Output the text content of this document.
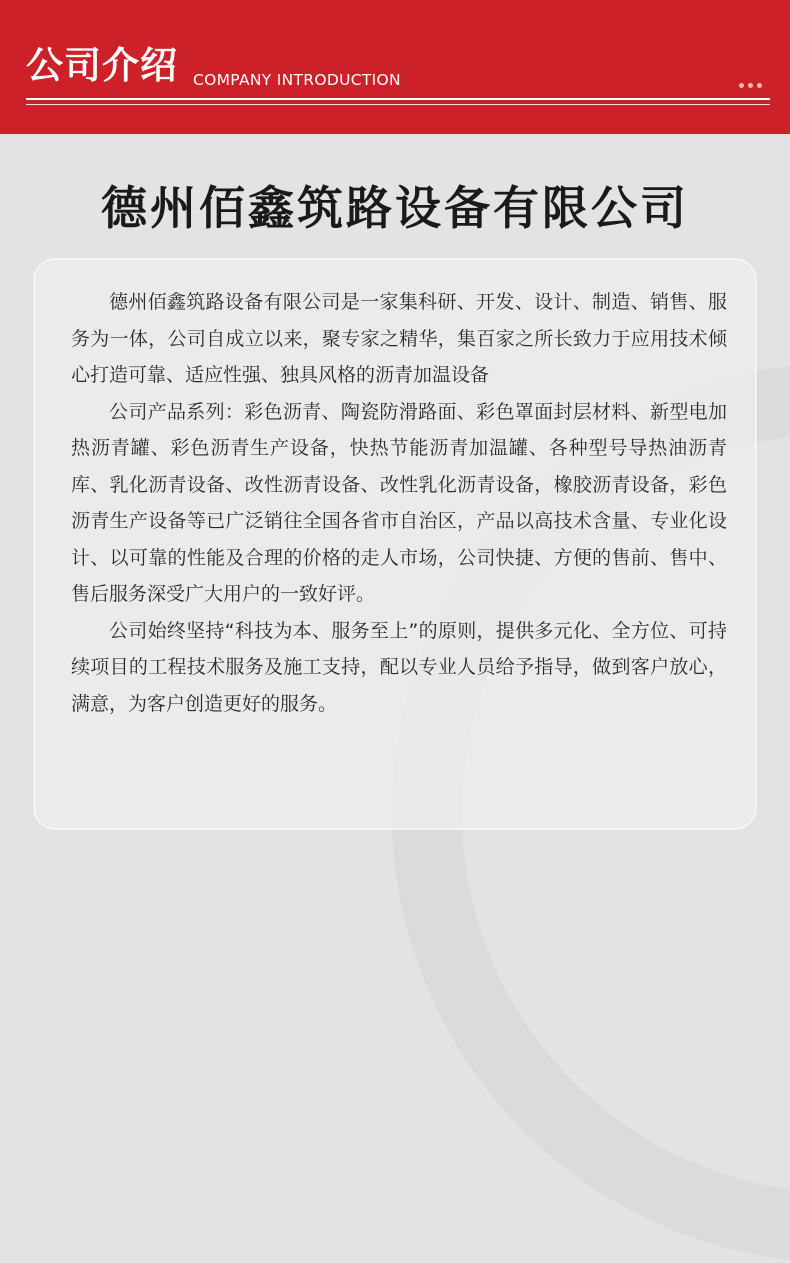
公司介绍 COMPANY INTRODUCTION
德州佰鑫筑路设备有限公司

德州佰鑫筑路设备有限公司是一家集科研、开发、设计、制造、销售、服务为一体，公司自成立以来，聚专家之精华，集百家之所长致力于应用技术倾心打造可靠、适应性强、独具风格的沥青加温设备

公司产品系列：彩色沥青、陶瓷防滑路面、彩色罩面封层材料、新型电加热沥青罐、彩色沥青生产设备，快热节能沥青加温罐、各种型号导热油沥青库、乳化沥青设备、改性沥青设备、改性乳化沥青设备，橡胶沥青设备，彩色沥青生产设备等已广泛销往全国各省市自治区，产品以高技术含量、专业化设计、以可靠的性能及合理的价格的走人市场，公司快捷、方便的售前、售中、售后服务深受广大用户的一致好评。

公司始终坚持“科技为本、服务至上”的原则，提供多元化、全方位、可持续项目的工程技术服务及施工支持，配以专业人员给予指导，做到客户放心，满意，为客户创造更好的服务。
